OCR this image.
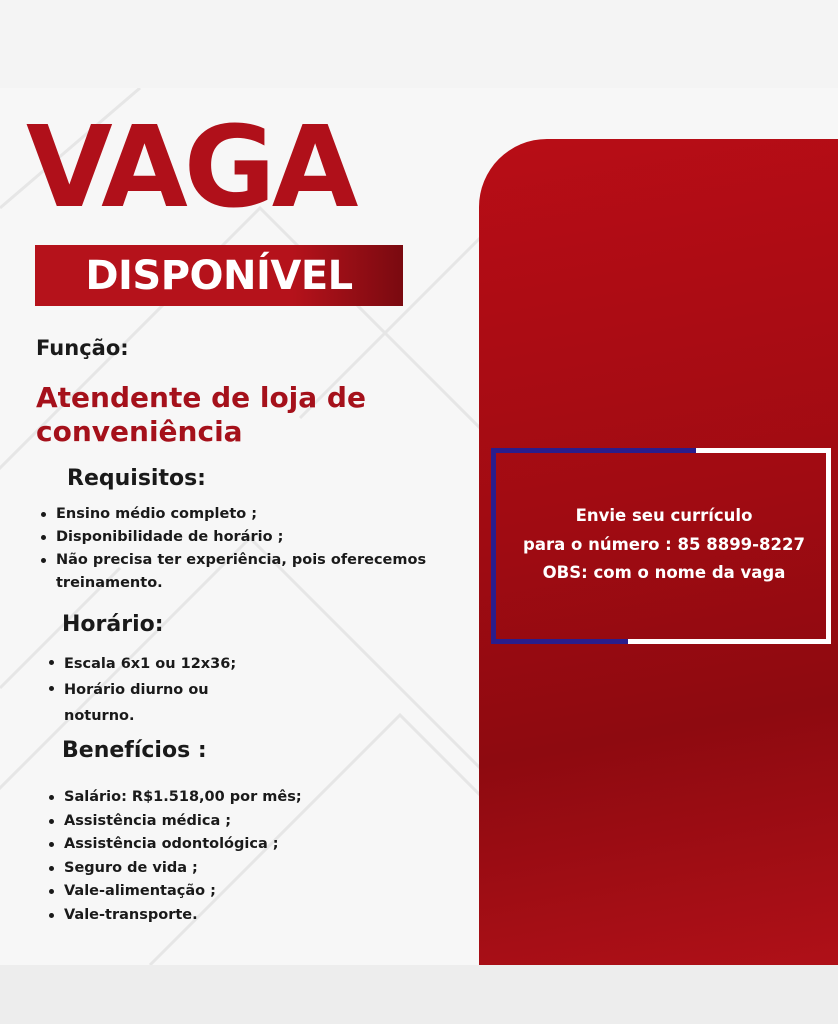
VAGA
DISPONÍVEL
Função:
Atendente de loja de conveniência
Requisitos:
Ensino médio completo ;
Disponibilidade de horário ;
Não precisa ter experiência, pois oferecemos treinamento.
Horário:
Escala 6x1 ou 12x36;
Horário diurno ou noturno.
Benefícios :
Salário: R$1.518,00 por mês;
Assistência médica ;
Assistência odontológica ;
Seguro de vida ;
Vale-alimentação ;
Vale-transporte.
Envie seu currículo
para o número : 85 8899-8227
OBS: com o nome da vaga
